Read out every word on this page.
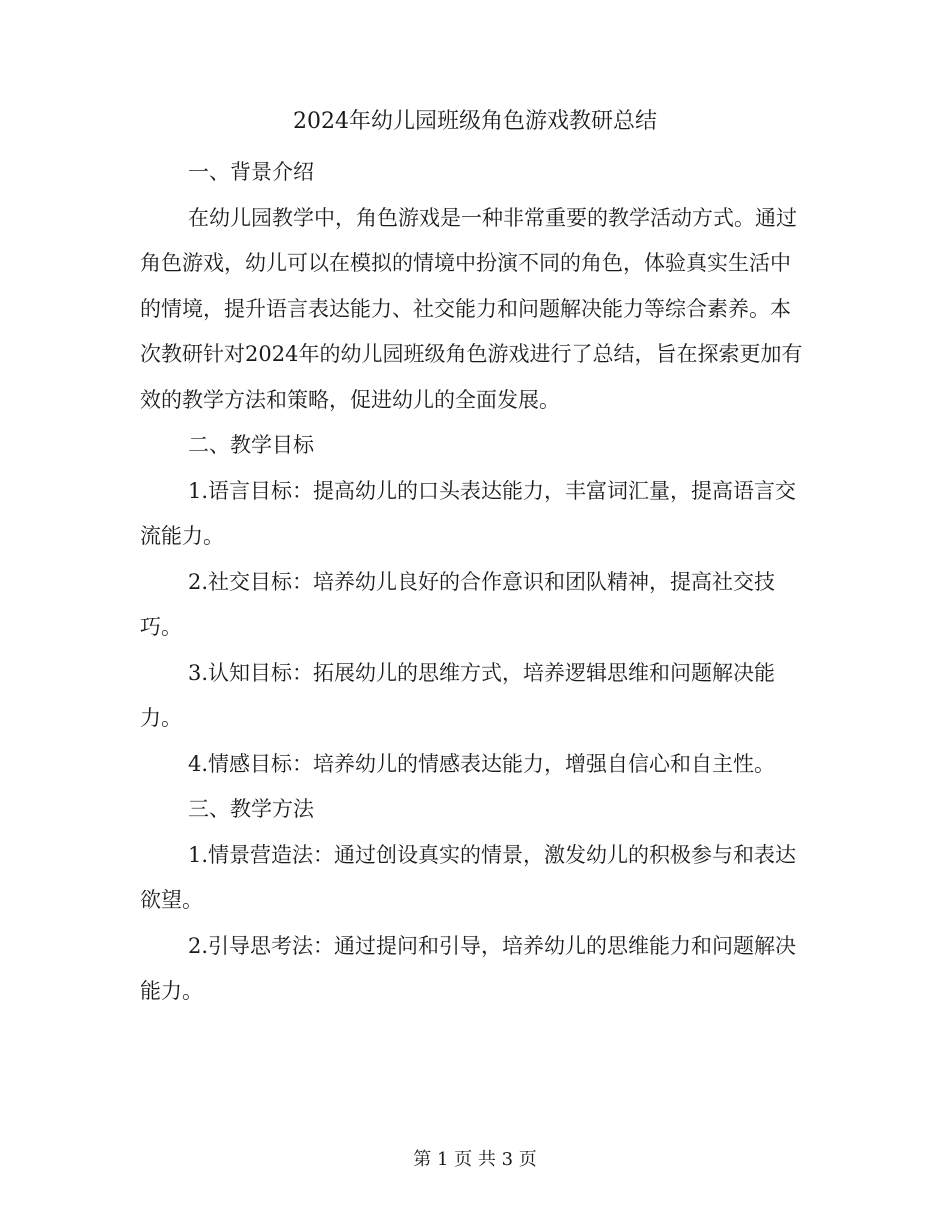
2024年幼儿园班级角色游戏教研总结

一、背景介绍

在幼儿园教学中，角色游戏是一种非常重要的教学活动方式。通过角色游戏，幼儿可以在模拟的情境中扮演不同的角色，体验真实生活中的情境，提升语言表达能力、社交能力和问题解决能力等综合素养。本次教研针对2024年的幼儿园班级角色游戏进行了总结，旨在探索更加有效的教学方法和策略，促进幼儿的全面发展。

二、教学目标

1.语言目标：提高幼儿的口头表达能力，丰富词汇量，提高语言交流能力。

2.社交目标：培养幼儿良好的合作意识和团队精神，提高社交技巧。

3.认知目标：拓展幼儿的思维方式，培养逻辑思维和问题解决能力。

4.情感目标：培养幼儿的情感表达能力，增强自信心和自主性。

三、教学方法

1.情景营造法：通过创设真实的情景，激发幼儿的积极参与和表达欲望。

2.引导思考法：通过提问和引导，培养幼儿的思维能力和问题解决能力。

第 1 页 共 3 页
